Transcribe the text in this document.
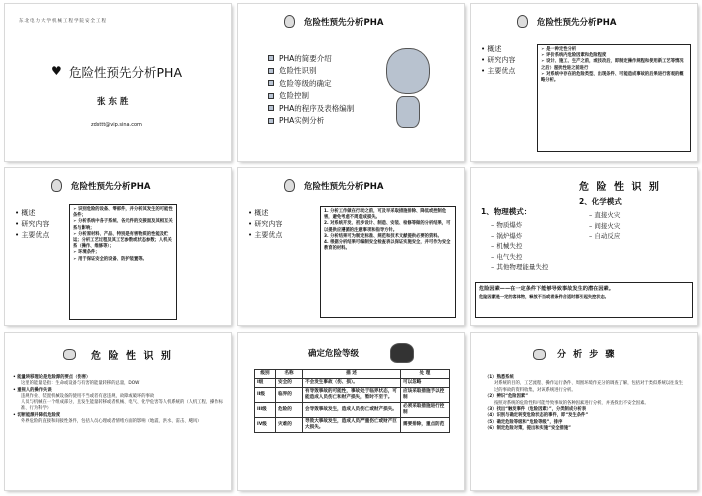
东北电力大学机械工程学院安全工程
♥ 危险性预先分析PHA
张 东 胜
zdsttt@vip.sina.com
危险性预先分析PHA
PHA的简要介绍
危险性识别
危险等级的确定
危险控制
PHA的程序及表格编制
PHA实例分析
危险性预先分析PHA
• 概述
• 研究内容
• 主要优点
➢ 是一种定性分析
➢ 评价系统内危险因素和危险程度
➢ 设计、施工、生产之前，或技改后，即制定操作规程和使用新工艺等情况之后）滋扰性进之前进行
➢ 对系统中存在的危险类型、出现条件、可能造成事故的后果进行客观的概略分析。
危险性预先分析PHA
• 概述
• 研究内容
• 主要优点
➢ 识别危险的设备、零部件，并分析其发生的可能性条件；
➢ 分析系统中各子系统、各元件的交接面及其相互关系与影响；
➢ 分析原材料、产品、特别是有害物质的性能及贮运；分析工艺过程及其工艺参数或状态参数；人机关系（操作、维修等）；
➢ 环境条件；
➢ 用于保证安全的设备、防护装置等。
危险性预先分析PHA
• 概述
• 研究内容
• 主要优点
1. 分析工作做在行动之前，可及早采取措施排除、降低或控制危害，避免考虑不周造成损失。
2. 对系统开发、初步设计、制造、安装、检修等做的分析结果，可以提供应遵循的注意事项和指导方针。
3. 分析结果可为制定标准、规范和技术文献提供必要的资料。
4. 根据分析结果可编制安全检查表以保证实施安全，并可作为安全教育的材料。
危 险 性 识 别
1、物理模式：
– 物质爆炸
– 锅炉爆炸
– 机械失控
– 电气失控
– 其他物理能量失控
2、化学模式
– 直接火灾
– 间接火灾
– 自动反应
危险因素——在一定条件下能够导致事故发生的潜在因素。
危险因素是一定的客体物，释放不当或者条件合适时都引起失控状态。
危 险 性 识 别
• 能量转移理论是危险源的要点（伤害）
这里的能量是指：生命或设备与有害的能量转移的总量，DOW
• 重视人的操作失误
违规作业、装置机械设备的使用不当或者有意违规，故障或破坏的事故
人员与机械在一个组成部分，且发生能量转移或者机械、电气、化学危害等人机系统的（人机工程、操作标准、行为科学）
• 切断能源并降低危险度
外界危险的直接和间接性条件，包括人员心理或者情绪方面的影响（地震、洪水、雷击、飓风）
确定危险等级
级别	名称	描 述	处 理
I级	安全的	不会发生事故（伤、损）。	可以忽略
II级	临界的	有导致事故的可能性，事故处于临界状态，可能造成人员伤亡和财产损失，暂时不至于。	应该采取措施予以控制
III级	危险的	会导致事故发生，造成人员伤亡或财产损失。	必须采取措施进行控制
IV级	灾难的	导致大事故发生，造成人员严重伤亡或财产巨大损失。	需要排除，重点防范
分 析 步 骤
（1）熟悉系统
对系统的目的、工艺流程、操作运行条件、周围环境作充分的调查了解，包括对于类似系统以往发生过的事故的资料收集，对该系统进行分析。
（2）辨识“危险因素”
按照对系统的危险性和可能导致事故的各种因素进行分析，并查找出不安全因素。
（3）找出“触发事件（危险因素）”，分类制成分析表
（4）识别与确定转变危险状态的事件，即“发生条件”
（5）确定危险等级和“危险等级”，排序
（6）制定危险对策，提出和实施“安全措施”
